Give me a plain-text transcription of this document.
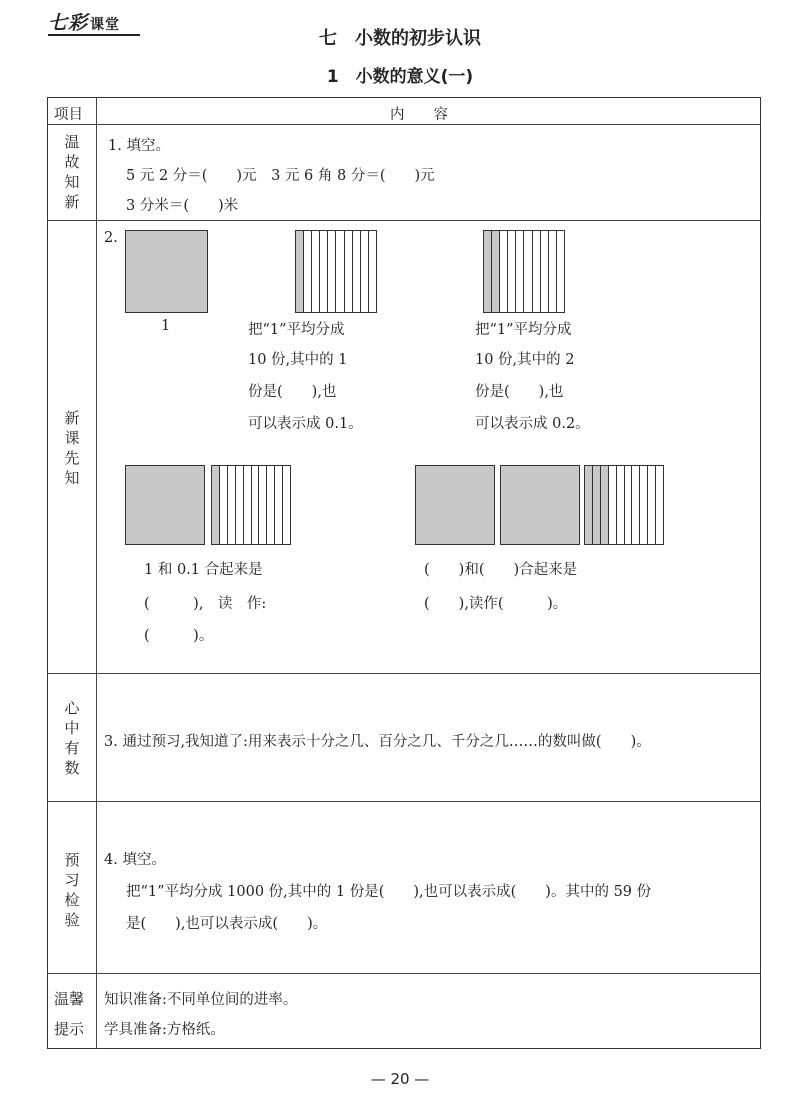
七彩 课堂
七　小数的初步认识
1　小数的意义(一)
项目	内　　容
温故知新
1. 填空。
5 元 2 分＝(　　)元　3 元 6 角 8 分＝(　　)元
3 分米＝(　　)米
新课先知
2.
1	把“1”平均分成
10 份,其中的 1
份是(　　),也
可以表示成 0.1。
把“1”平均分成
10 份,其中的 2
份是(　　),也
可以表示成 0.2。
1 和 0.1 合起来是
(　　　),　读　作:
(　　　)。
(　　)和(　　)合起来是
(　　),读作(　　　)。
心中有数
3. 通过预习,我知道了:用来表示十分之几、百分之几、千分之几……的数叫做(　　)。
预习检验
4. 填空。
把“1”平均分成 1000 份,其中的 1 份是(　　),也可以表示成(　　)。其中的 59 份
是(　　),也可以表示成(　　)。
温馨
提示
知识准备:不同单位间的进率。
学具准备:方格纸。
— 20 —
